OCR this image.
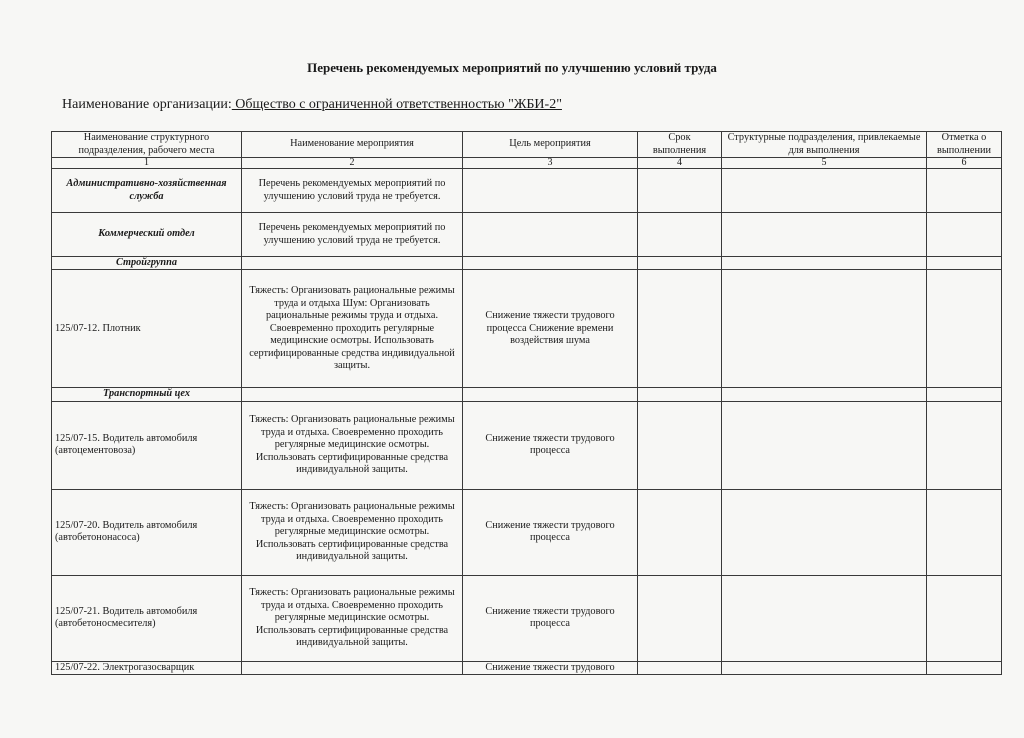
Перечень рекомендуемых мероприятий по улучшению условий труда
Наименование организации: Общество с ограниченной ответственностью "ЖБИ-2"
Наименование структурного подразделения, рабочего места	Наименование мероприятия	Цель мероприятия	Срок выполнения	Структурные подразделения, привлекаемые для выполнения	Отметка о выполнении
1	2	3	4	5	6
Административно-хозяйственная служба	Перечень рекомендуемых мероприятий по улучшению условий труда не требуется.				
Коммерческий отдел	Перечень рекомендуемых мероприятий по улучшению условий труда не требуется.				
Стройгруппа					
125/07-12. Плотник	Тяжесть: Организовать рациональные режимы труда и отдыха Шум: Организовать рациональные режимы труда и отдыха. Своевременно проходить регулярные медицинские осмотры. Использовать сертифицированные средства индивидуальной защиты.	Снижение тяжести трудового процесса Снижение времени воздействия шума			
Транспортный цех					
125/07-15. Водитель автомобиля (автоцементовоза)	Тяжесть: Организовать рациональные режимы труда и отдыха. Своевременно проходить регулярные медицинские осмотры. Использовать сертифицированные средства индивидуальной защиты.	Снижение тяжести трудового процесса			
125/07-20. Водитель автомобиля (автобетононасоса)	Тяжесть: Организовать рациональные режимы труда и отдыха. Своевременно проходить регулярные медицинские осмотры. Использовать сертифицированные средства индивидуальной защиты.	Снижение тяжести трудового процесса			
125/07-21. Водитель автомобиля (автобетоносмесителя)	Тяжесть: Организовать рациональные режимы труда и отдыха. Своевременно проходить регулярные медицинские осмотры. Использовать сертифицированные средства индивидуальной защиты.	Снижение тяжести трудового процесса			
125/07-22. Электрогазосварщик		Снижение тяжести трудового			
